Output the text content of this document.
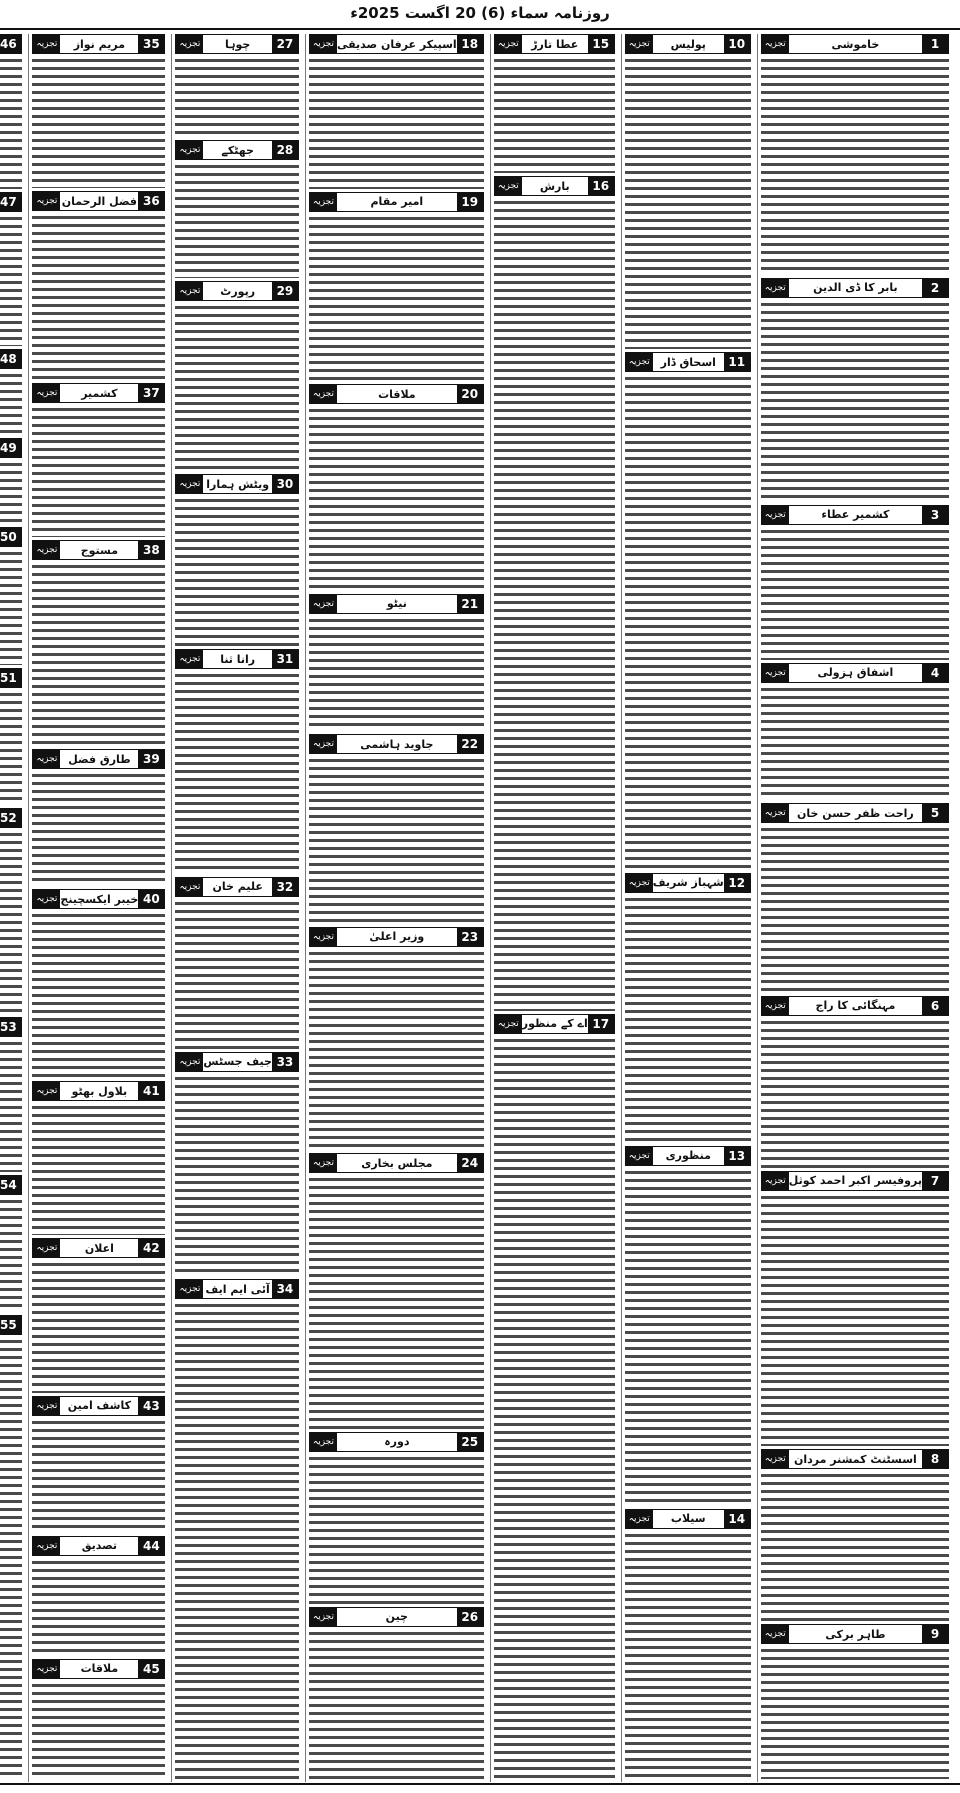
روزنامہ سماء (6) 20 اگست 2025ء
1
خاموشی
تجزیہ
2
بابر کا ڈی الدین
تجزیہ
3
کشمیر عطاء
تجزیہ
4
اشفاق ہزولی
تجزیہ
5
راحت ظفر حسن خان
تجزیہ
6
مہنگائی کا راج
تجزیہ
7
پروفیسر اکبر احمد کوثل
تجزیہ
8
اسسٹنٹ کمشنر مردان
تجزیہ
9
طاہر برکی
تجزیہ
10
پولیس
تجزیہ
11
اسحاق ڈار
تجزیہ
12
شہباز شریف
تجزیہ
13
منظوری
تجزیہ
14
سیلاب
تجزیہ
15
عطا تارڑ
تجزیہ
16
بارش
تجزیہ
17
اے کے منظور
تجزیہ
18
اسپیکر عرفان صدیقی
تجزیہ
19
امیر مقام
تجزیہ
20
ملاقات
تجزیہ
21
نیٹو
تجزیہ
22
جاوید ہاشمی
تجزیہ
23
وزیر اعلیٰ
تجزیہ
24
مجلس بخاری
تجزیہ
25
دورہ
تجزیہ
26
چین
تجزیہ
27
چوہا
تجزیہ
28
جھٹکے
تجزیہ
29
رپورٹ
تجزیہ
30
ویٹش ہمارا
تجزیہ
31
رانا ثنا
تجزیہ
32
علیم خان
تجزیہ
33
جیف جسٹس
تجزیہ
34
آئی ایم ایف
تجزیہ
35
مریم نواز
تجزیہ
36
فضل الرحمان
تجزیہ
37
کشمیر
تجزیہ
38
مستوج
تجزیہ
39
طارق فضل
تجزیہ
40
خیبر ایکسچینج
تجزیہ
41
بلاول بھٹو
تجزیہ
42
اعلان
تجزیہ
43
کاشف امین
تجزیہ
44
تصدیق
تجزیہ
45
ملاقات
تجزیہ
46
47
48
49
50
51
52
53
54
55
